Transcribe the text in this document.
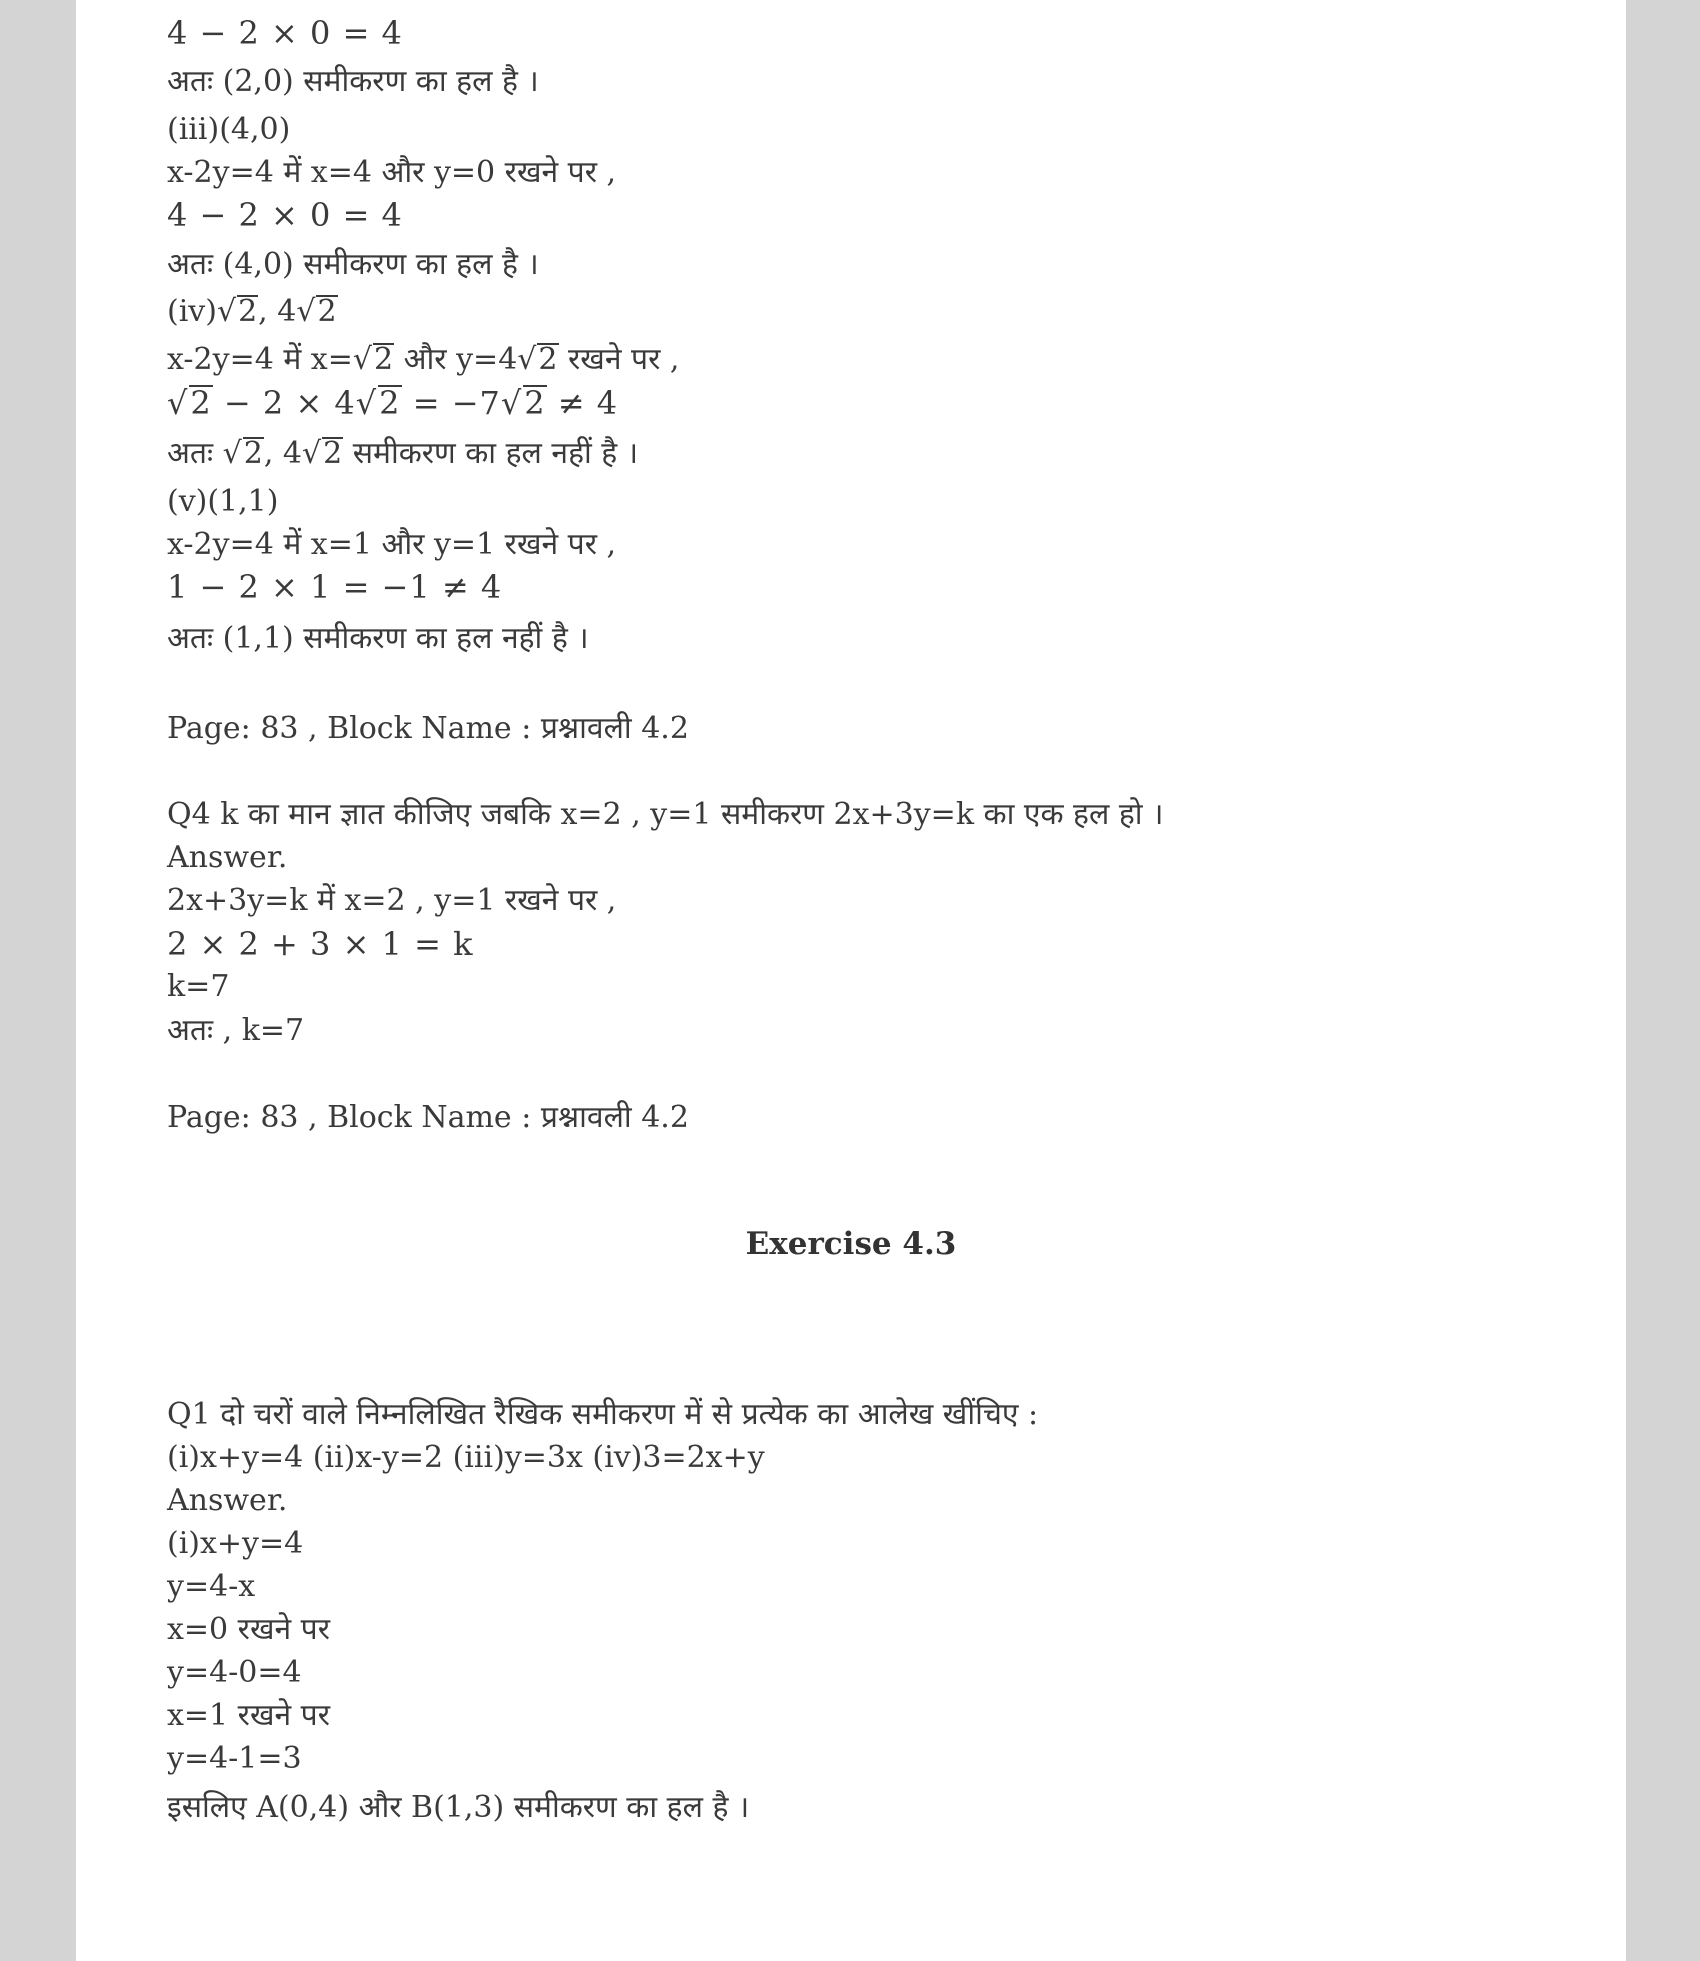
4 − 2 × 0 = 4
अतः (2,0) समीकरण का हल है ।
(iii)(4,0)
x-2y=4 में x=4 और y=0 रखने पर ,
4 − 2 × 0 = 4
अतः (4,0) समीकरण का हल है ।
(iv)√2, 4√2
x-2y=4 में x=√2 और y=4√2 रखने पर ,
√2 − 2 × 4√2 = −7√2 ≠ 4
अतः √2, 4√2 समीकरण का हल नहीं है ।
(v)(1,1)
x-2y=4 में x=1 और y=1 रखने पर ,
1 − 2 × 1 = −1 ≠ 4
अतः (1,1) समीकरण का हल नहीं है ।
Page: 83 , Block Name : प्रश्नावली 4.2
Q4 k का मान ज्ञात कीजिए जबकि x=2 , y=1 समीकरण 2x+3y=k का एक हल हो ।
Answer.
2x+3y=k में x=2 , y=1 रखने पर ,
2 × 2 + 3 × 1 = k
k=7
अतः , k=7
Page: 83 , Block Name : प्रश्नावली 4.2
Exercise 4.3
Q1 दो चरों वाले निम्नलिखित रैखिक समीकरण में से प्रत्येक का आलेख खींचिए :
(i)x+y=4 (ii)x-y=2 (iii)y=3x (iv)3=2x+y
Answer.
(i)x+y=4
y=4-x
x=0 रखने पर
y=4-0=4
x=1 रखने पर
y=4-1=3
इसलिए A(0,4) और B(1,3) समीकरण का हल है ।
